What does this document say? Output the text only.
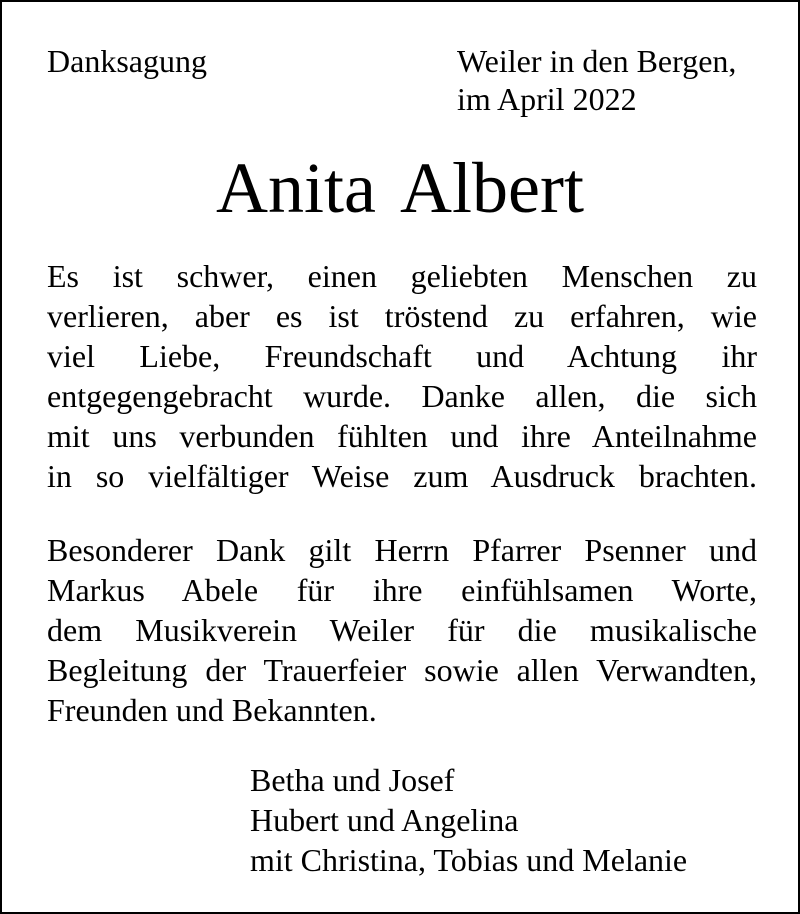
Danksagung	Weiler in den Bergen,
im April 2022
Anita Albert
Es ist schwer, einen geliebten Menschen zu
verlieren, aber es ist tröstend zu erfahren, wie
viel Liebe, Freundschaft und Achtung ihr
entgegengebracht wurde. Danke allen, die sich
mit uns verbunden fühlten und ihre Anteilnahme
in so vielfältiger Weise zum Ausdruck brachten.
Besonderer Dank gilt Herrn Pfarrer Psenner und
Markus Abele für ihre einfühlsamen Worte,
dem Musikverein Weiler für die musikalische
Begleitung der Trauerfeier sowie allen Verwandten,
Freunden und Bekannten.
Betha und Josef
Hubert und Angelina
mit Christina, Tobias und Melanie
